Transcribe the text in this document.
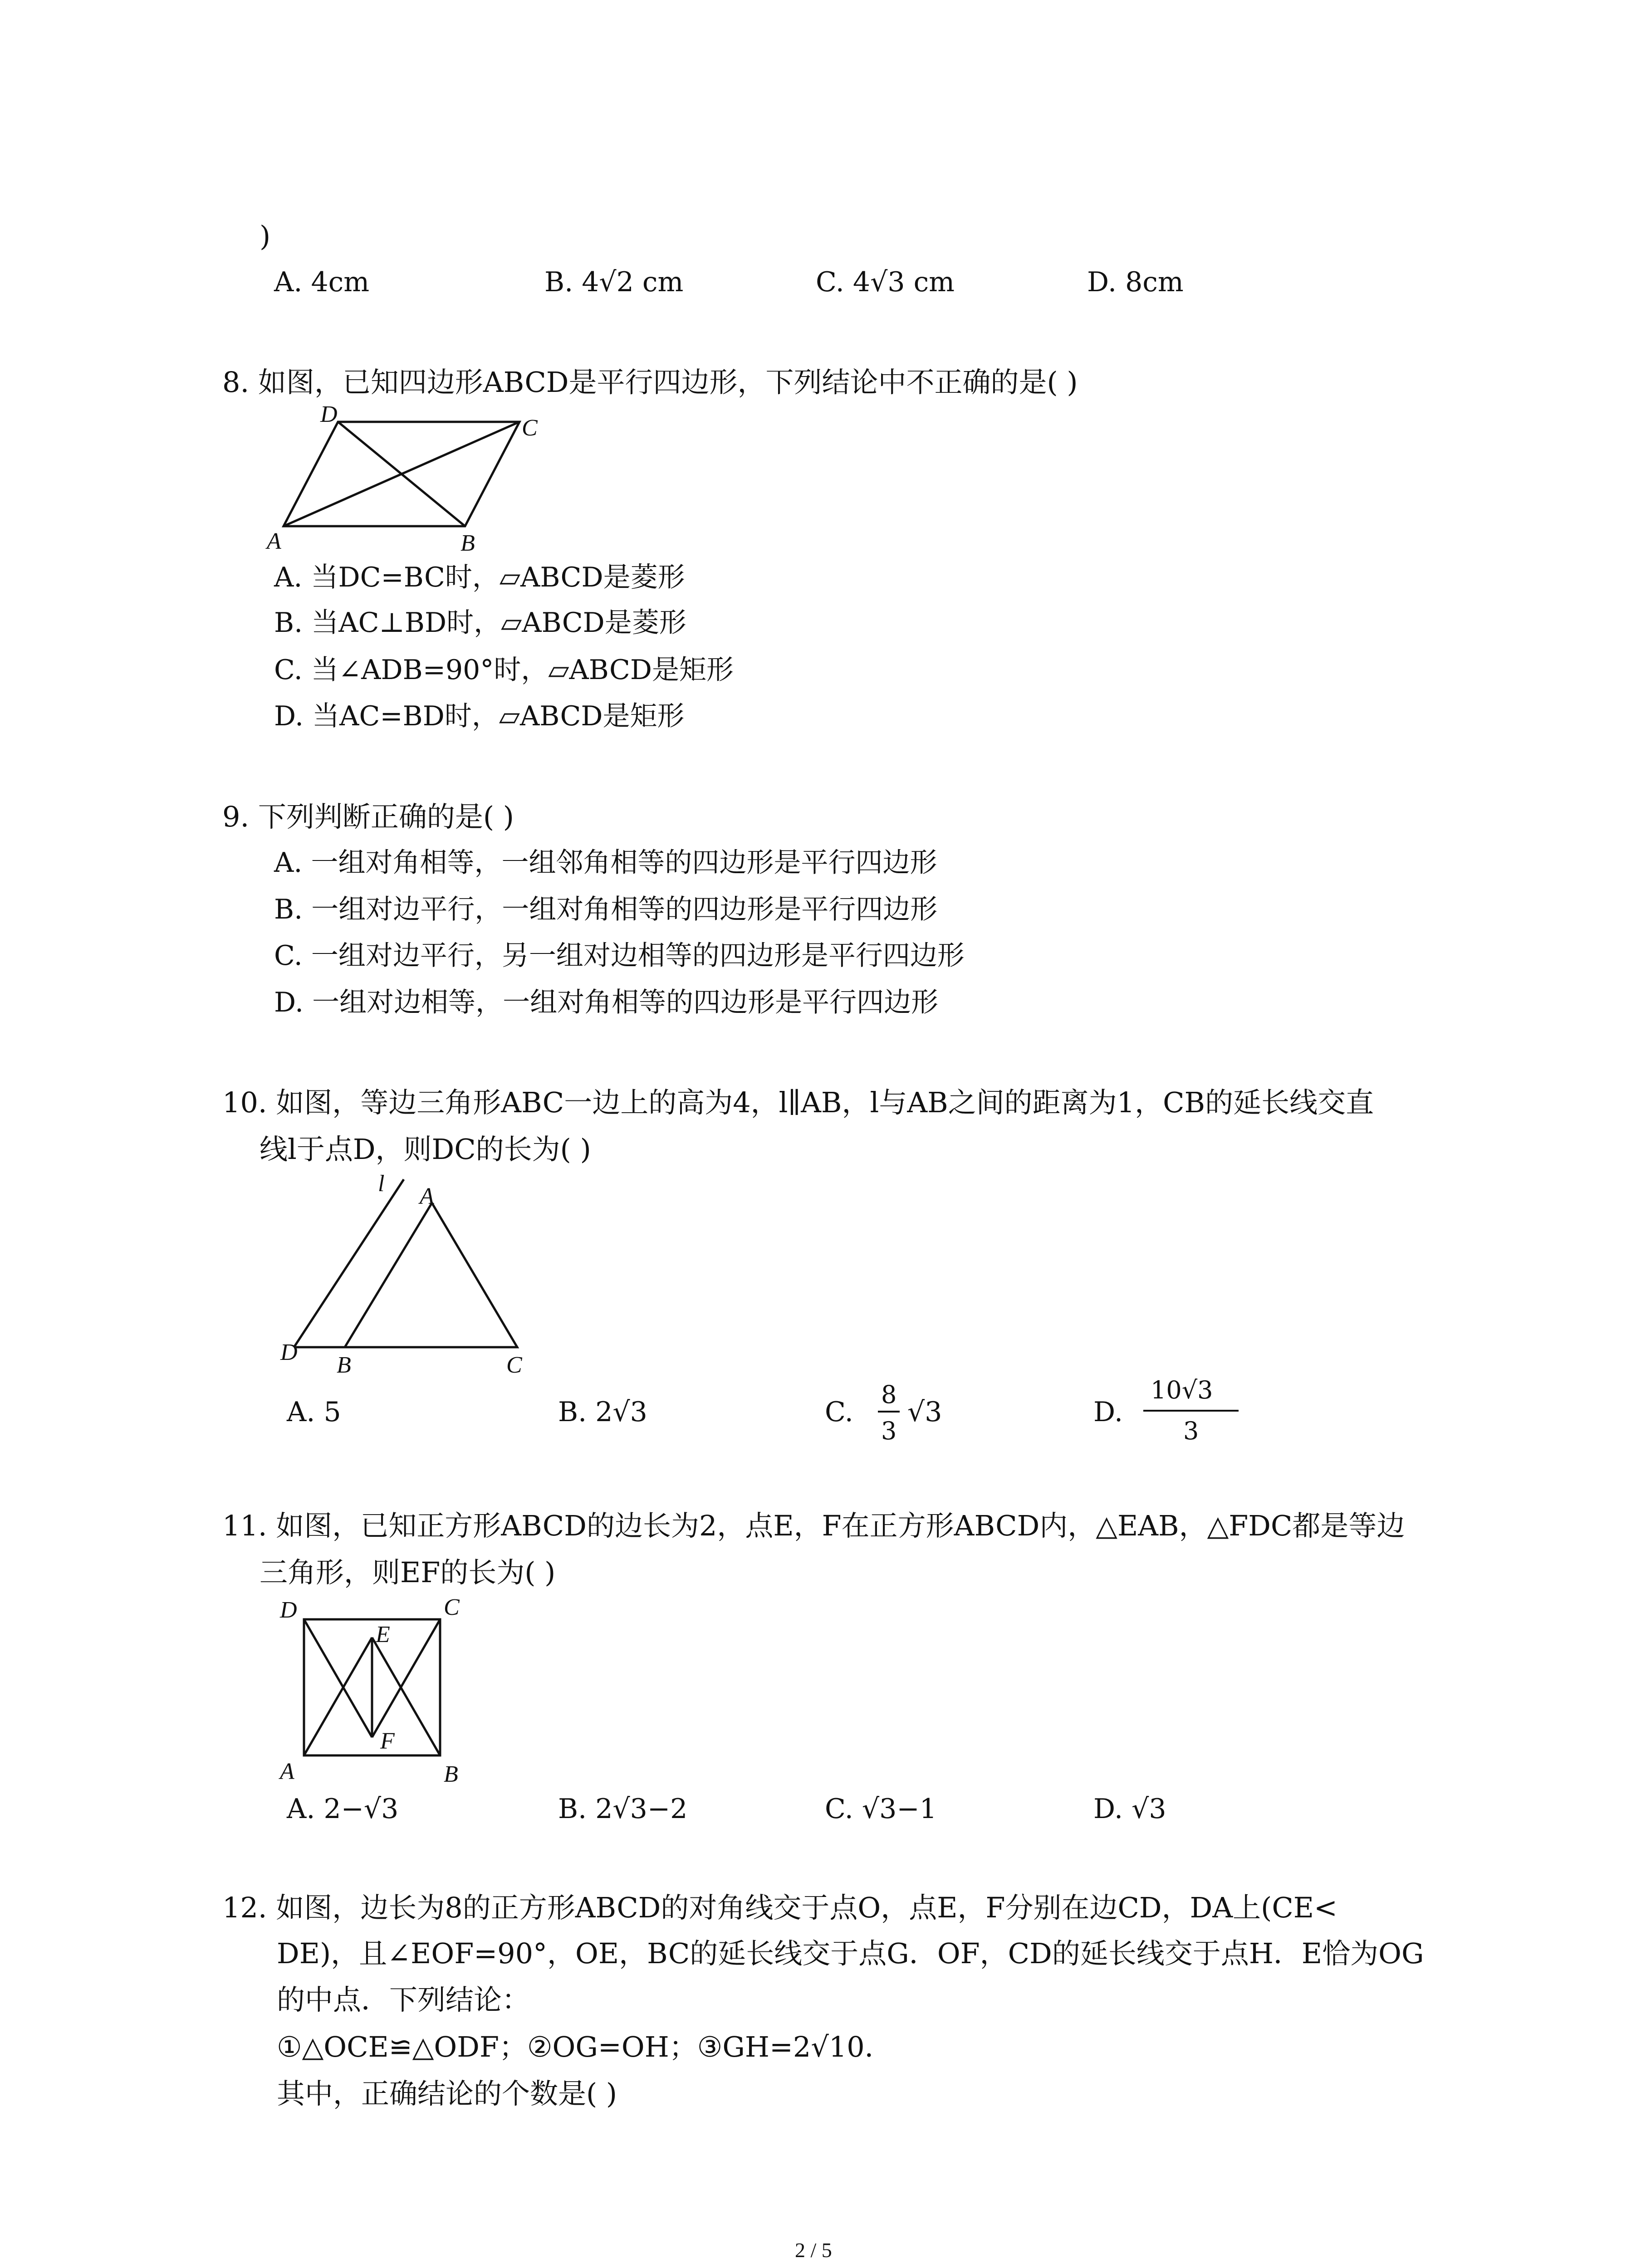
)
A. 4cm	B. 4√2 cm	C. 4√3 cm	D. 8cm
8. 如图，已知四边形ABCD是平行四边形，下列结论中不正确的是( )
A	B
C
D
A. 当DC=BC时，▱ABCD是菱形
B. 当AC⊥BD时，▱ABCD是菱形
C. 当∠ADB=90°时，▱ABCD是矩形
D. 当AC=BD时，▱ABCD是矩形
9. 下列判断正确的是( )
A. 一组对角相等，一组邻角相等的四边形是平行四边形
B. 一组对边平行，一组对角相等的四边形是平行四边形
C. 一组对边平行，另一组对边相等的四边形是平行四边形
D. 一组对边相等，一组对角相等的四边形是平行四边形
10. 如图，等边三角形ABC一边上的高为4，l∥AB，l与AB之间的距离为1，CB的延长线交直
线l于点D，则DC的长为( )
l A
D B	C
A. 5	B. 2√3	C.
8
3
√3	D.
10√3
3
11. 如图，已知正方形ABCD的边长为2，点E，F在正方形ABCD内，△EAB，△FDC都是等边
三角形，则EF的长为( )
D	C
E
F
A	B
A. 2−√3	B. 2√3−2	C. √3−1	D. √3
12. 如图，边长为8的正方形ABCD的对角线交于点O，点E，F分别在边CD，DA上(CE<
DE)，且∠EOF=90°，OE，BC的延长线交于点G．OF，CD的延长线交于点H．E恰为OG
的中点．下列结论：
①△OCE≌△ODF；②OG=OH；③GH=2√10．
其中，正确结论的个数是( )
2 / 5
